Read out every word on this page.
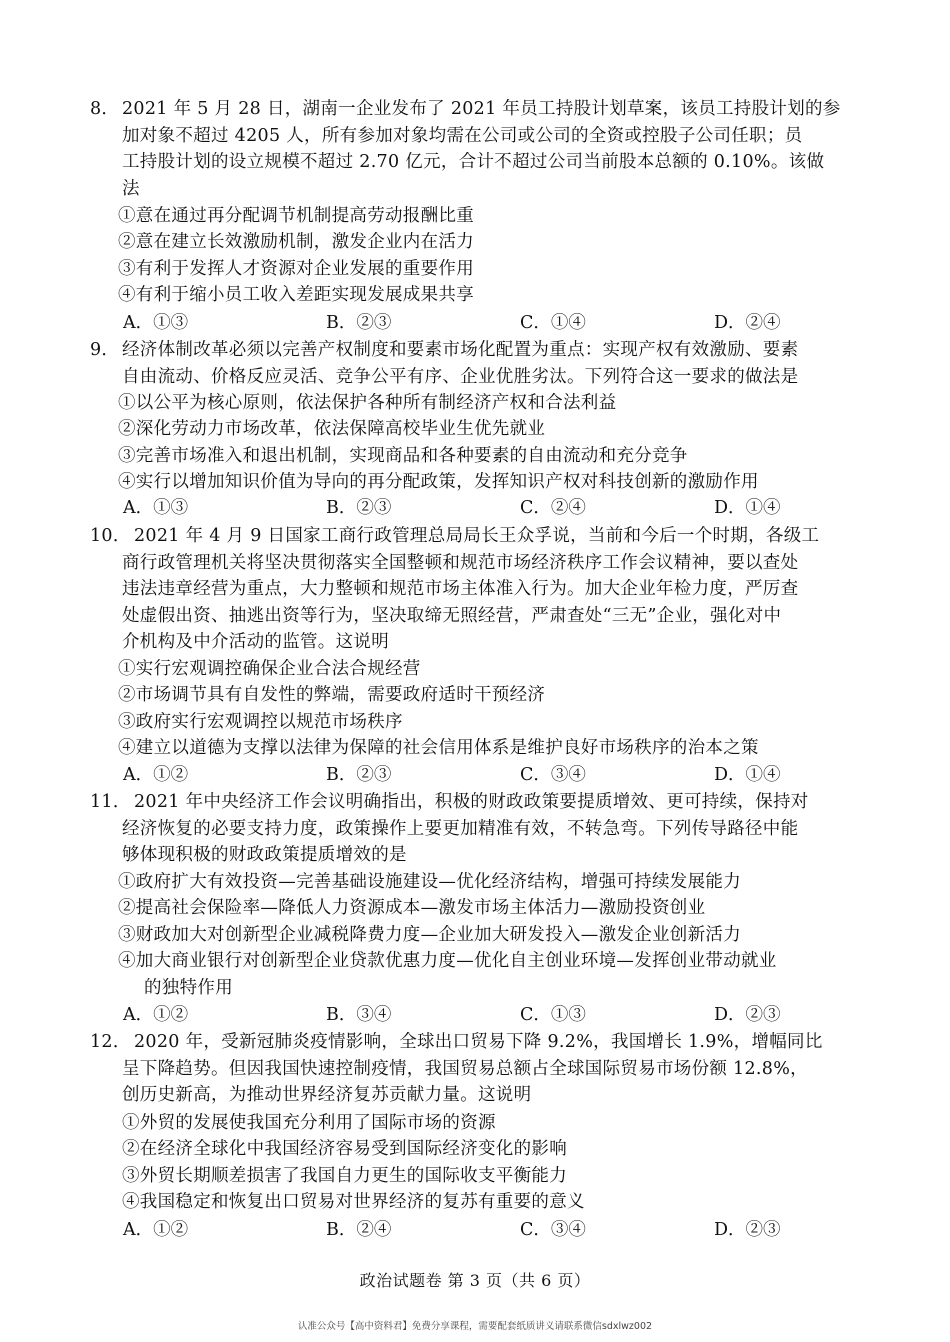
8． 2021 年 5 月 28 日，湖南一企业发布了 2021 年员工持股计划草案，该员工持股计划的参
加对象不超过 4205 人，所有参加对象均需在公司或公司的全资或控股子公司任职；员
工持股计划的设立规模不超过 2.70 亿元，合计不超过公司当前股本总额的 0.10%。该做
法
①意在通过再分配调节机制提高劳动报酬比重
②意在建立长效激励机制，激发企业内在活力
③有利于发挥人才资源对企业发展的重要作用
④有利于缩小员工收入差距实现发展成果共享
A．①③	B．②③	C．①④	D．②④
9． 经济体制改革必须以完善产权制度和要素市场化配置为重点：实现产权有效激励、要素
自由流动、价格反应灵活、竞争公平有序、企业优胜劣汰。下列符合这一要求的做法是
①以公平为核心原则，依法保护各种所有制经济产权和合法利益
②深化劳动力市场改革，依法保障高校毕业生优先就业
③完善市场准入和退出机制，实现商品和各种要素的自由流动和充分竞争
④实行以增加知识价值为导向的再分配政策，发挥知识产权对科技创新的激励作用
A．①③	B．②③	C．②④	D．①④
10． 2021 年 4 月 9 日国家工商行政管理总局局长王众孚说，当前和今后一个时期，各级工
商行政管理机关将坚决贯彻落实全国整顿和规范市场经济秩序工作会议精神，要以查处
违法违章经营为重点，大力整顿和规范市场主体准入行为。加大企业年检力度，严厉查
处虚假出资、抽逃出资等行为，坚决取缔无照经营，严肃查处“三无”企业，强化对中
介机构及中介活动的监管。这说明
①实行宏观调控确保企业合法合规经营
②市场调节具有自发性的弊端，需要政府适时干预经济
③政府实行宏观调控以规范市场秩序
④建立以道德为支撑以法律为保障的社会信用体系是维护良好市场秩序的治本之策
A．①②	B．②③	C．③④	D．①④
11． 2021 年中央经济工作会议明确指出，积极的财政政策要提质增效、更可持续，保持对
经济恢复的必要支持力度，政策操作上要更加精准有效，不转急弯。下列传导路径中能
够体现积极的财政政策提质增效的是
①政府扩大有效投资—完善基础设施建设—优化经济结构，增强可持续发展能力
②提高社会保险率—降低人力资源成本—激发市场主体活力—激励投资创业
③财政加大对创新型企业减税降费力度—企业加大研发投入—激发企业创新活力
④加大商业银行对创新型企业贷款优惠力度—优化自主创业环境—发挥创业带动就业
的独特作用
A．①②	B．③④	C．①③	D．②③
12． 2020 年，受新冠肺炎疫情影响，全球出口贸易下降 9.2%，我国增长 1.9%，增幅同比
呈下降趋势。但因我国快速控制疫情，我国贸易总额占全球国际贸易市场份额 12.8%，
创历史新高，为推动世界经济复苏贡献力量。这说明
①外贸的发展使我国充分利用了国际市场的资源
②在经济全球化中我国经济容易受到国际经济变化的影响
③外贸长期顺差损害了我国自力更生的国际收支平衡能力
④我国稳定和恢复出口贸易对世界经济的复苏有重要的意义
A．①②	B．②④	C．③④	D．②③
政治试题卷 第 3 页（共 6 页）
认准公众号【高中资料君】免费分享课程，需要配套纸质讲义请联系微信sdxlwz002
